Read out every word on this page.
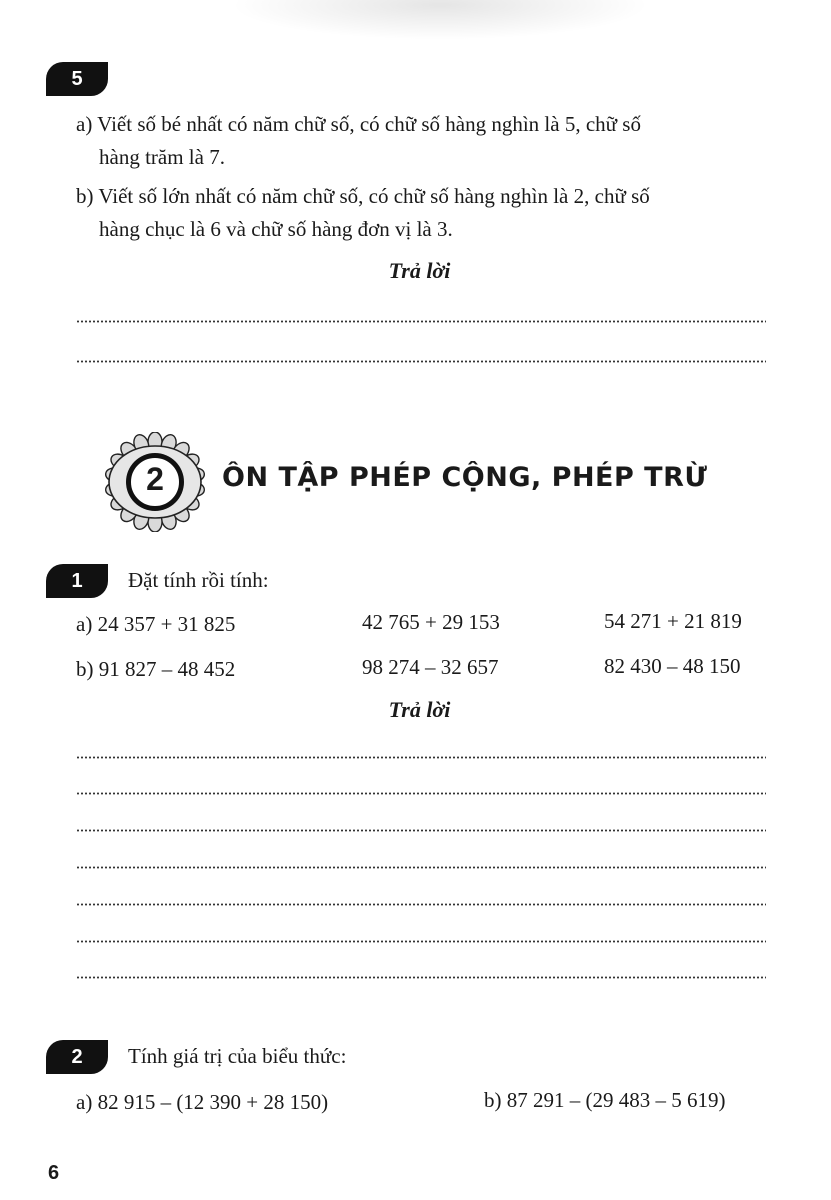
5
a) Viết số bé nhất có năm chữ số, có chữ số hàng nghìn là 5, chữ số
hàng trăm là 7.
b) Viết số lớn nhất có năm chữ số, có chữ số hàng nghìn là 2, chữ số
hàng chục là 6 và chữ số hàng đơn vị là 3.
Trả lời
2	ÔN TẬP PHÉP CỘNG, PHÉP TRỪ
1	Đặt tính rồi tính:
a) 24 357 + 31 825	42 765 + 29 153	54 271 + 21 819
b) 91 827 – 48 452	98 274 – 32 657	82 430 – 48 150
Trả lời
2	Tính giá trị của biểu thức:
a) 82 915 – (12 390 + 28 150)	b) 87 291 – (29 483 – 5 619)
6
